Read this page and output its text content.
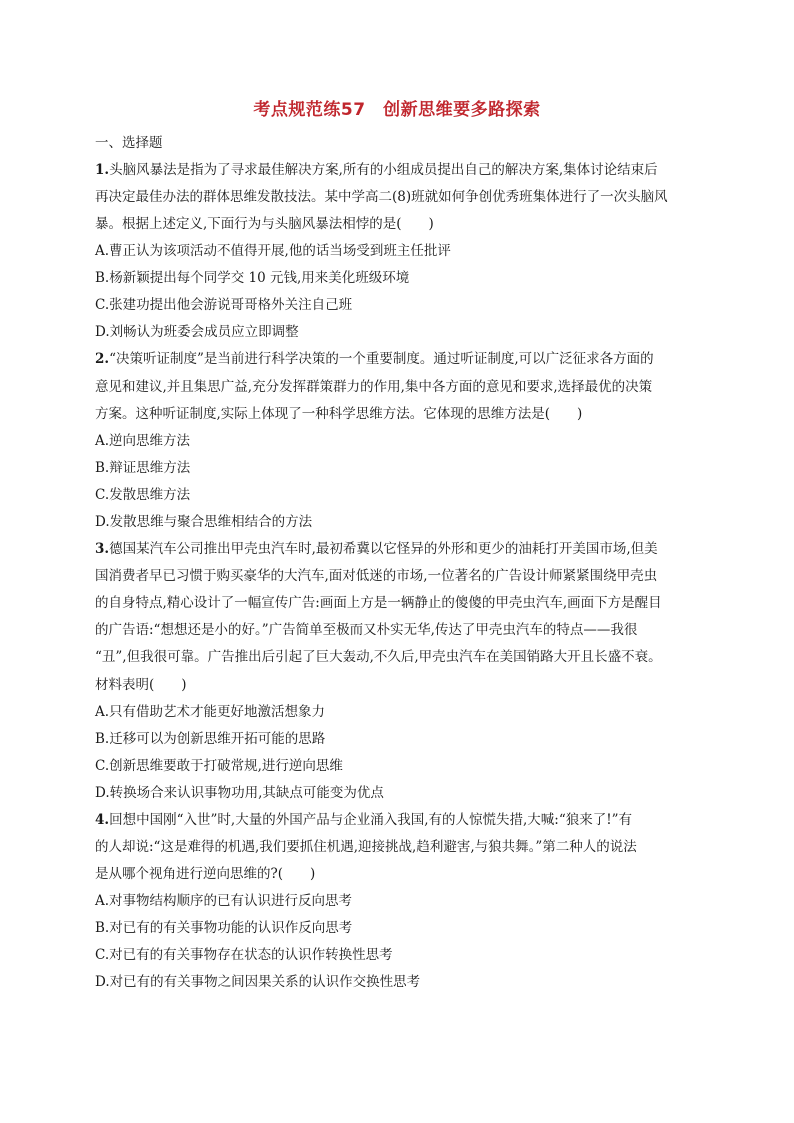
考点规范练57　创新思维要多路探索
一、选择题
1.头脑风暴法是指为了寻求最佳解决方案,所有的小组成员提出自己的解决方案,集体讨论结束后
再决定最佳办法的群体思维发散技法。某中学高二(8)班就如何争创优秀班集体进行了一次头脑风
暴。根据上述定义,下面行为与头脑风暴法相悖的是(　　)
A.曹正认为该项活动不值得开展,他的话当场受到班主任批评
B.杨新颖提出每个同学交 10 元钱,用来美化班级环境
C.张建功提出他会游说哥哥格外关注自己班
D.刘畅认为班委会成员应立即调整
2.“决策听证制度”是当前进行科学决策的一个重要制度。通过听证制度,可以广泛征求各方面的
意见和建议,并且集思广益,充分发挥群策群力的作用,集中各方面的意见和要求,选择最优的决策
方案。这种听证制度,实际上体现了一种科学思维方法。它体现的思维方法是(　　)
A.逆向思维方法
B.辩证思维方法
C.发散思维方法
D.发散思维与聚合思维相结合的方法
3.德国某汽车公司推出甲壳虫汽车时,最初希冀以它怪异的外形和更少的油耗打开美国市场,但美
国消费者早已习惯于购买豪华的大汽车,面对低迷的市场,一位著名的广告设计师紧紧围绕甲壳虫
的自身特点,精心设计了一幅宣传广告:画面上方是一辆静止的傻傻的甲壳虫汽车,画面下方是醒目
的广告语:“想想还是小的好。”广告简单至极而又朴实无华,传达了甲壳虫汽车的特点——我很
“丑”,但我很可靠。广告推出后引起了巨大轰动,不久后,甲壳虫汽车在美国销路大开且长盛不衰。
材料表明(　　)
A.只有借助艺术才能更好地激活想象力
B.迁移可以为创新思维开拓可能的思路
C.创新思维要敢于打破常规,进行逆向思维
D.转换场合来认识事物功用,其缺点可能变为优点
4.回想中国刚“入世”时,大量的外国产品与企业涌入我国,有的人惊慌失措,大喊:“狼来了!”有
的人却说:“这是难得的机遇,我们要抓住机遇,迎接挑战,趋利避害,与狼共舞。”第二种人的说法
是从哪个视角进行逆向思维的?(　　)
A.对事物结构顺序的已有认识进行反向思考
B.对已有的有关事物功能的认识作反向思考
C.对已有的有关事物存在状态的认识作转换性思考
D.对已有的有关事物之间因果关系的认识作交换性思考
